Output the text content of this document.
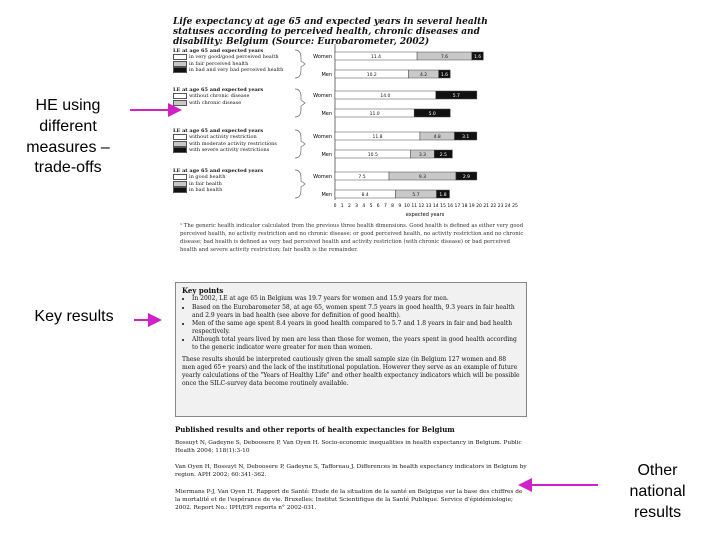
HE using
different
measures –
trade-offs
Key results
Other
national
results
Life expectancy at age 65 and expected years in several health statuses according to perceived health, chronic diseases and disability: Belgium (Source: Eurobarometer, 2002)
LE at age 65 and expected years
in very good/good perceived health
in fair perceived health
in bad and very bad perceived health
LE at age 65 and expected years
without chronic disease
with chronic disease
LE at age 65 and expected years
without activity restriction
with moderate activity restrictions
with severe activity restrictions
LE at age 65 and expected years
in good health
in fair health
in bad health
0 1 2 3 4 5 6 7 8 9 10 11 12 13 14 15 16 17 18 19 20 21 22 23 24 25
expected years
Women	11.4	7.6	1.6
Men	10.2	4.2	1.6
Women	14.0	5.7
Men	11.0	5.0
Women	11.8	4.8	3.1
Men	10.5	3.3	2.5
Women	7.5	9.3	2.9
Men	8.4	5.7	1.8
¹ The generic health indicator calculated from the previous three health dimensions. Good health is defined as either very good perceived health, no activity restriction and no chronic disease; or good perceived health, no activity restriction and no chronic disease; bad health is defined as very bad perceived health and activity restriction (with chronic disease) or bad perceived health and severe activity restriction; fair health is the remainder.
Key points
• In 2002, LE at age 65 in Belgium was 19.7 years for women and 15.9 years for men.
• Based on the Eurobarometer 58, at age 65, women spent 7.5 years in good health, 9.3 years in fair health and 2.9 years in bad health (see above for definition of good health).
• Men of the same age spent 8.4 years in good health compared to 5.7 and 1.8 years in fair and bad health respectively.
• Although total years lived by men are less than those for women, the years spent in good health according to the generic indicator were greater for men than women.

These results should be interpreted cautiously given the small sample size (in Belgium 127 women and 88 men aged 65+ years) and the lack of the institutional population. However they serve as an example of future yearly calculations of the "Years of Healthy Life" and other health expectancy indicators which will be possible once the SILC-survey data become routinely available.

Published results and other reports of health expectancies for Belgium
Bossuyt N, Gadeyne S, Deboosere P, Van Oyen H. Socio-economic inequalities in health expectancy in Belgium. Public Health 2004; 118(1):3-10
Van Oyen H, Bossuyt N, Deboosere P, Gadeyne S, Tafforeau J. Differences in health expectancy indicators in Belgium by region. APH 2002; 60:341-362.
Miermans P-J, Van Oyen H. Rapport de Santé: Etude de la situation de la santé en Belgique sur la base des chiffres de la mortalité et de l'espérance de vie. Bruxelles: Institut Scientifique de la Santé Publique. Service d'épidémiologie; 2002. Report No.: IPH/EPI reports n° 2002-031.
